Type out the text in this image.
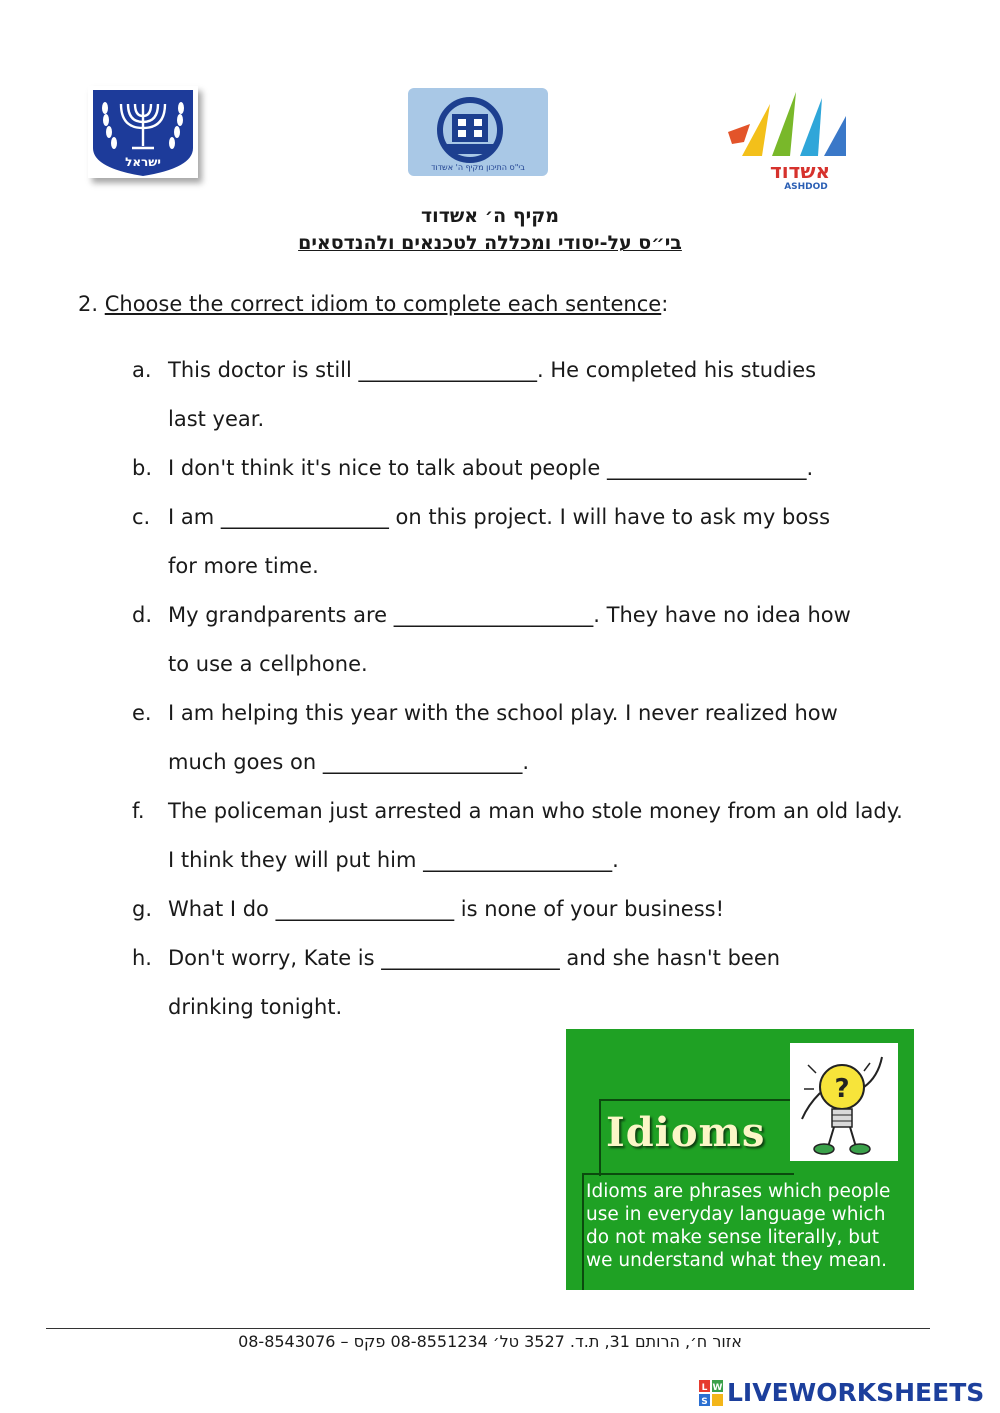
ישראל	בי"ס התיכון מקיף ה' אשדוד	אשדוד
ASHDOD
מקיף ה׳ אשדוד
בי״ס על-יסודי ומכללה לטכנאים ולהנדסאים
2. Choose the correct idiom to complete each sentence:
a. This doctor is still _________________. He completed his studies
last year.
b. I don't think it's nice to talk about people ___________________.
c. I am ________________ on this project. I will have to ask my boss
for more time.
d. My grandparents are ___________________. They have no idea how
to use a cellphone.
e. I am helping this year with the school play. I never realized how
much goes on ___________________.
f. The policeman just arrested a man who stole money from an old lady.
I think they will put him __________________.
g. What I do _________________ is none of your business!
h. Don't worry, Kate is _________________ and she hasn't been
drinking tonight.
Idioms
?
Idioms are phrases which people
use in everyday language which
do not make sense literally, but
we understand what they mean.
אזור ח׳, הרותם 31, ת.ד. 3527 טל׳ 08-8551234 פקס – 08-8543076
L W
S LIVEWORKSHEETS
